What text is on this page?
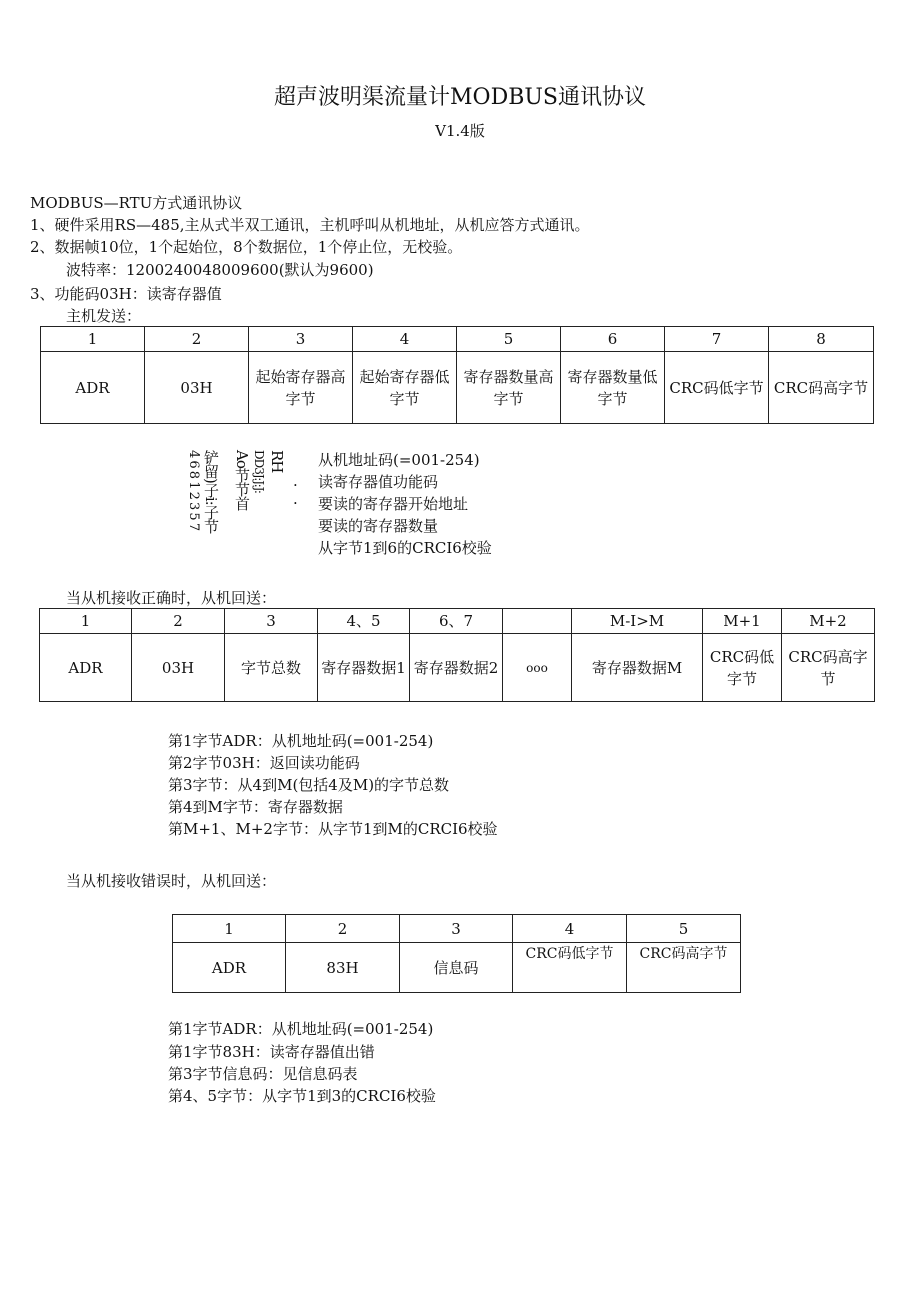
超声波明渠流量计MODBUS通讯协议
V1.4版
MODBUS—RTU方式通讯协议
1、硬件采用RS—485,主从式半双工通讯，主机呼叫从机地址，从机应答方式通讯。
2、数据帧10位，1个起始位，8个数据位，1个停止位，无校验。
波特率：1200240048009600(默认为9600)
3、功能码03H：读寄存器值
主机发送：
1	2	3	4	5	6	7	8
ADR	03H	起始寄存器高字节	起始寄存器低字节	寄存器数量高字节	寄存器数量低字节	CRC码低字节	CRC码高字节
RH
DD3J:J:J:
Ao节节首
铲留)子i:子节
4 6 8 1 2 3 5 7	·
·
从机地址码(=001-254)
读寄存器值功能码
要读的寄存器开始地址
要读的寄存器数量
从字节1到6的CRCI6校验
当从机接收正确时，从机回送：
1	2	3	4、5	6、7		M-I>M	M+1	M+2
ADR	03H	字节总数	寄存器数据1	寄存器数据2	ooo	寄存器数据M	CRC码低字节	CRC码高字节
第1字节ADR：从机地址码(=001-254)
第2字节03H：返回读功能码
第3字节：从4到M(包括4及M)的字节总数
第4到M字节：寄存器数据
第M+1、M+2字节：从字节1到M的CRCI6校验
当从机接收错误时，从机回送：
1	2	3	4	5
ADR	83H	信息码	CRC码低字节	CRC码高字节
第1字节ADR：从机地址码(=001-254)
第1字节83H：读寄存器值出错
第3字节信息码：见信息码表
第4、5字节：从字节1到3的CRCI6校验
